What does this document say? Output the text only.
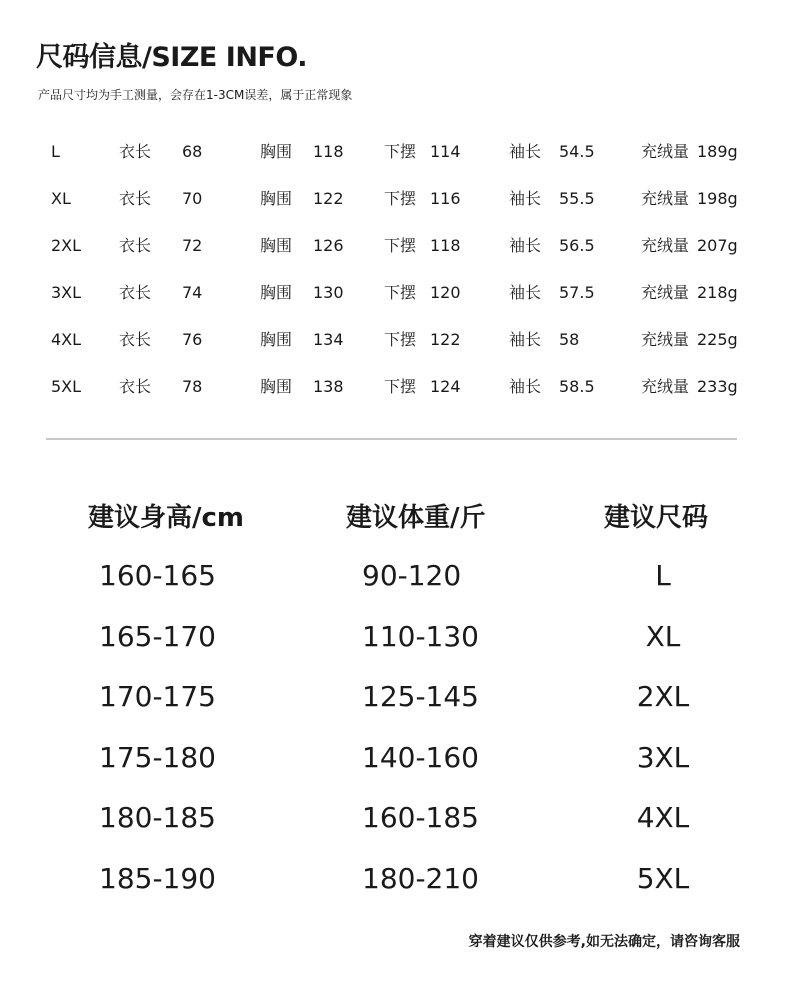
尺码信息/SIZE INFO.
产品尺寸均为手工测量，会存在1-3CM误差，属于正常现象
L	衣长 68	胸围 118	下摆 114	袖长 54.5	充绒量 189g
XL	衣长 70	胸围 122	下摆 116	袖长 55.5	充绒量 198g
2XL 衣长 72	胸围 126	下摆 118	袖长 56.5	充绒量 207g
3XL 衣长 74	胸围 130	下摆 120	袖长 57.5	充绒量 218g
4XL 衣长 76	胸围 134	下摆 122	袖长 58	充绒量 225g
5XL 衣长 78	胸围 138	下摆 124	袖长 58.5	充绒量 233g
建议身高/cm	建议体重/斤	建议尺码
160-165	90-120	L
165-170	110-130	XL
170-175	125-145	2XL
175-180	140-160	3XL
180-185	160-185	4XL
185-190	180-210	5XL
穿着建议仅供参考,如无法确定，请咨询客服
